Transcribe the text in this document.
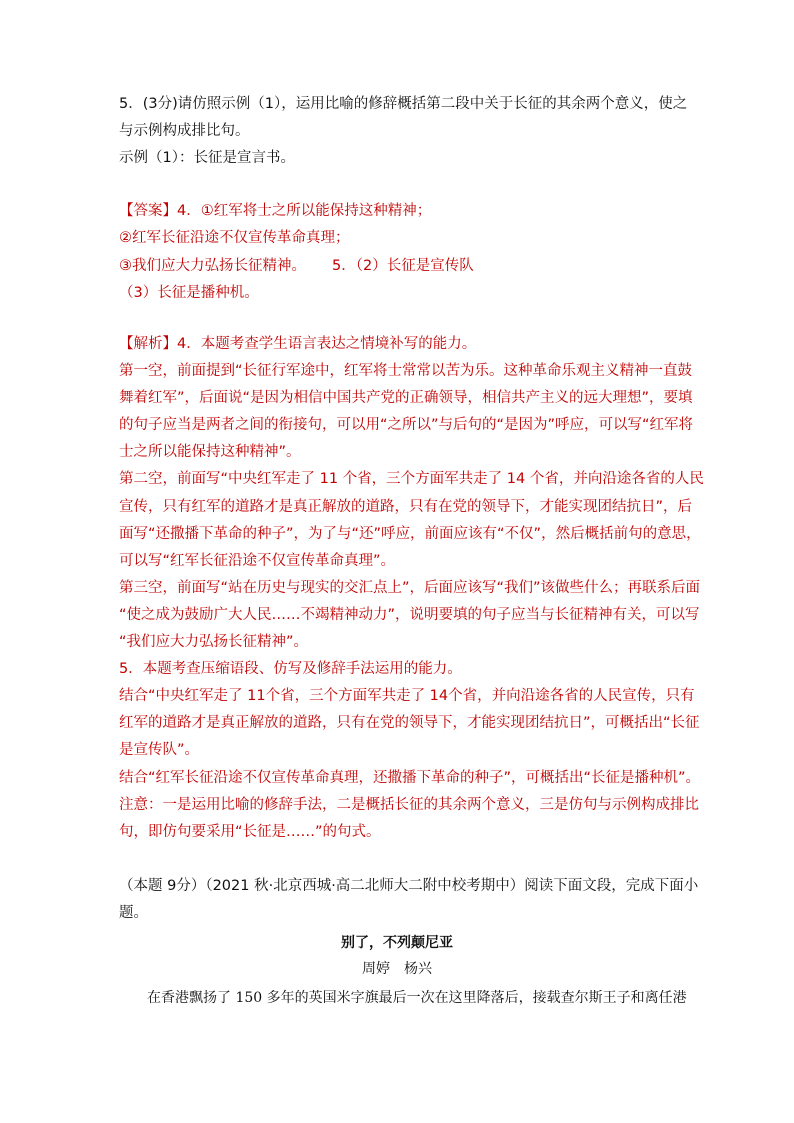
5．(3分)请仿照示例（1），运用比喻的修辞概括第二段中关于长征的其余两个意义，使之
与示例构成排比句。
示例（1）：长征是宣言书。
【答案】4．①红军将士之所以能保持这种精神；
②红军长征沿途不仅宣传革命真理；
③我们应大力弘扬长征精神。 5．（2）长征是宣传队
（3）长征是播种机。
【解析】4．本题考查学生语言表达之情境补写的能力。
第一空，前面提到“长征行军途中，红军将士常常以苦为乐。这种革命乐观主义精神一直鼓
舞着红军”，后面说“是因为相信中国共产党的正确领导，相信共产主义的远大理想”，要填
的句子应当是两者之间的衔接句，可以用“之所以”与后句的“是因为”呼应，可以写“红军将
士之所以能保持这种精神”。
第二空，前面写“中央红军走了 11 个省，三个方面军共走了 14 个省，并向沿途各省的人民
宣传，只有红军的道路才是真正解放的道路，只有在党的领导下，才能实现团结抗日”，后
面写“还撒播下革命的种子”，为了与“还”呼应，前面应该有“不仅”，然后概括前句的意思，
可以写“红军长征沿途不仅宣传革命真理”。
第三空，前面写“站在历史与现实的交汇点上”，后面应该写“我们”该做些什么；再联系后面
“使之成为鼓励广大人民……不竭精神动力”，说明要填的句子应当与长征精神有关，可以写
“我们应大力弘扬长征精神”。
5．本题考查压缩语段、仿写及修辞手法运用的能力。
结合“中央红军走了 11个省，三个方面军共走了 14个省，并向沿途各省的人民宣传，只有
红军的道路才是真正解放的道路，只有在党的领导下，才能实现团结抗日”，可概括出“长征
是宣传队”。
结合“红军长征沿途不仅宣传革命真理，还撒播下革命的种子”，可概括出“长征是播种机”。
注意：一是运用比喻的修辞手法，二是概括长征的其余两个意义，三是仿句与示例构成排比
句，即仿句要采用“长征是……”的句式。
（本题 9分）（2021 秋·北京西城·高二北师大二附中校考期中）阅读下面文段，完成下面小
题。
别了，不列颠尼亚
周婷　杨兴
在香港飘扬了 150 多年的英国米字旗最后一次在这里降落后，接载查尔斯王子和离任港
